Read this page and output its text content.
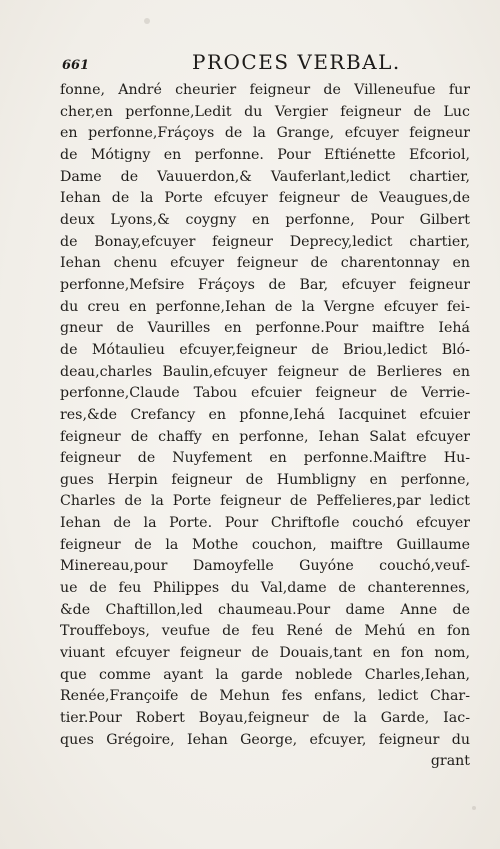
661	PROCES VERBAL.
fonne, André cheurier feigneur de Villeneufue fur
cher,en perfonne,Ledit du Vergier feigneur de Luc
en perfonne,Fráçoys de la Grange, efcuyer feigneur
de Mótigny en perfonne. Pour Eftiénette Efcoriol,
Dame de Vauuerdon,& Vauferlant,ledict chartier,
Iehan de la Porte efcuyer feigneur de Veaugues,de
deux Lyons,& coygny en perfonne, Pour Gilbert
de Bonay,efcuyer feigneur Deprecy,ledict chartier,
Iehan chenu efcuyer feigneur de charentonnay en
perfonne,Mefsire Fráçoys de Bar, efcuyer feigneur
du creu en perfonne,Iehan de la Vergne efcuyer fei-
gneur de Vaurilles en perfonne.Pour maiftre Iehá
de Mótaulieu efcuyer,feigneur de Briou,ledict Bló-
deau,charles Baulin,efcuyer feigneur de Berlieres en
perfonne,Claude Tabou efcuier feigneur de Verrie-
res,&de Crefancy en pfonne,Iehá Iacquinet efcuier
feigneur de chaffy en perfonne, Iehan Salat efcuyer
feigneur de Nuyfement en perfonne.Maiftre Hu-
gues Herpin feigneur de Humbligny en perfonne,
Charles de la Porte feigneur de Peffelieres,par ledict
Iehan de la Porte. Pour Chriftofle couchó efcuyer
feigneur de la Mothe couchon, maiftre Guillaume
Minereau,pour Damoyfelle Guyóne couchó,veuf-
ue de feu Philippes du Val,dame de chanterennes,
&de Chaftillon,led chaumeau.Pour dame Anne de
Trouffeboys, veufue de feu René de Mehú en fon
viuant efcuyer feigneur de Douais,tant en fon nom,
que comme ayant la garde noblede Charles,Iehan,
Renée,Françoife de Mehun fes enfans, ledict Char-
tier.Pour Robert Boyau,feigneur de la Garde, Iac-
ques Grégoire, Iehan George, efcuyer, feigneur du
grant
